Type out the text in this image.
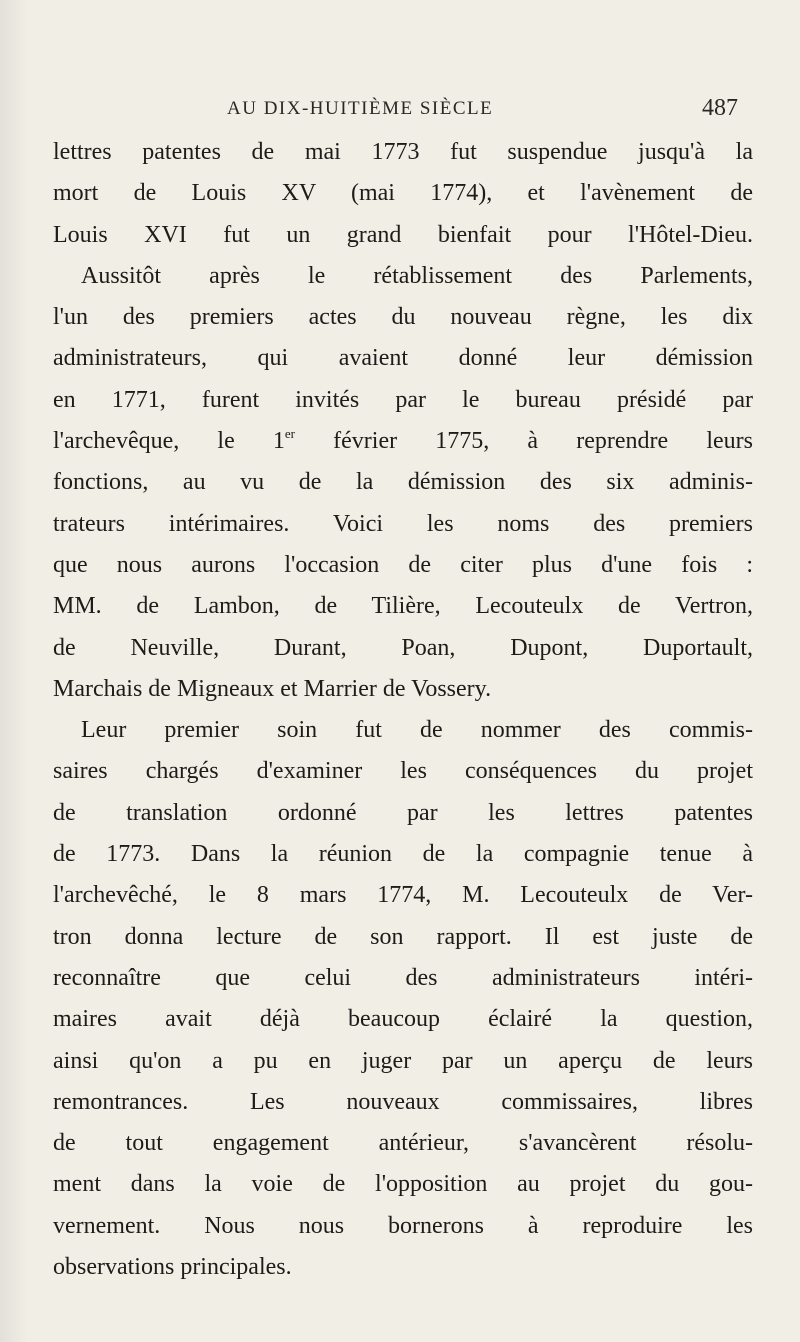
AU DIX-HUITIÈME SIÈCLE	487
lettres patentes de mai 1773 fut suspendue jusqu'à la
mort de Louis XV (mai 1774), et l'avènement de
Louis XVI fut un grand bienfait pour l'Hôtel-Dieu.
Aussitôt après le rétablissement des Parlements,
l'un des premiers actes du nouveau règne, les dix
administrateurs, qui avaient donné leur démission
en 1771, furent invités par le bureau présidé par
l'archevêque, le 1er février 1775, à reprendre leurs
fonctions, au vu de la démission des six adminis-
trateurs intérimaires. Voici les noms des premiers
que nous aurons l'occasion de citer plus d'une fois :
MM. de Lambon, de Tilière, Lecouteulx de Vertron,
de Neuville, Durant, Poan, Dupont, Duportault,
Marchais de Migneaux et Marrier de Vossery.
Leur premier soin fut de nommer des commis-
saires chargés d'examiner les conséquences du projet
de translation ordonné par les lettres patentes
de 1773. Dans la réunion de la compagnie tenue à
l'archevêché, le 8 mars 1774, M. Lecouteulx de Ver-
tron donna lecture de son rapport. Il est juste de
reconnaître que celui des administrateurs intéri-
maires avait déjà beaucoup éclairé la question,
ainsi qu'on a pu en juger par un aperçu de leurs
remontrances. Les nouveaux commissaires, libres
de tout engagement antérieur, s'avancèrent résolu-
ment dans la voie de l'opposition au projet du gou-
vernement. Nous nous bornerons à reproduire les
observations principales.
